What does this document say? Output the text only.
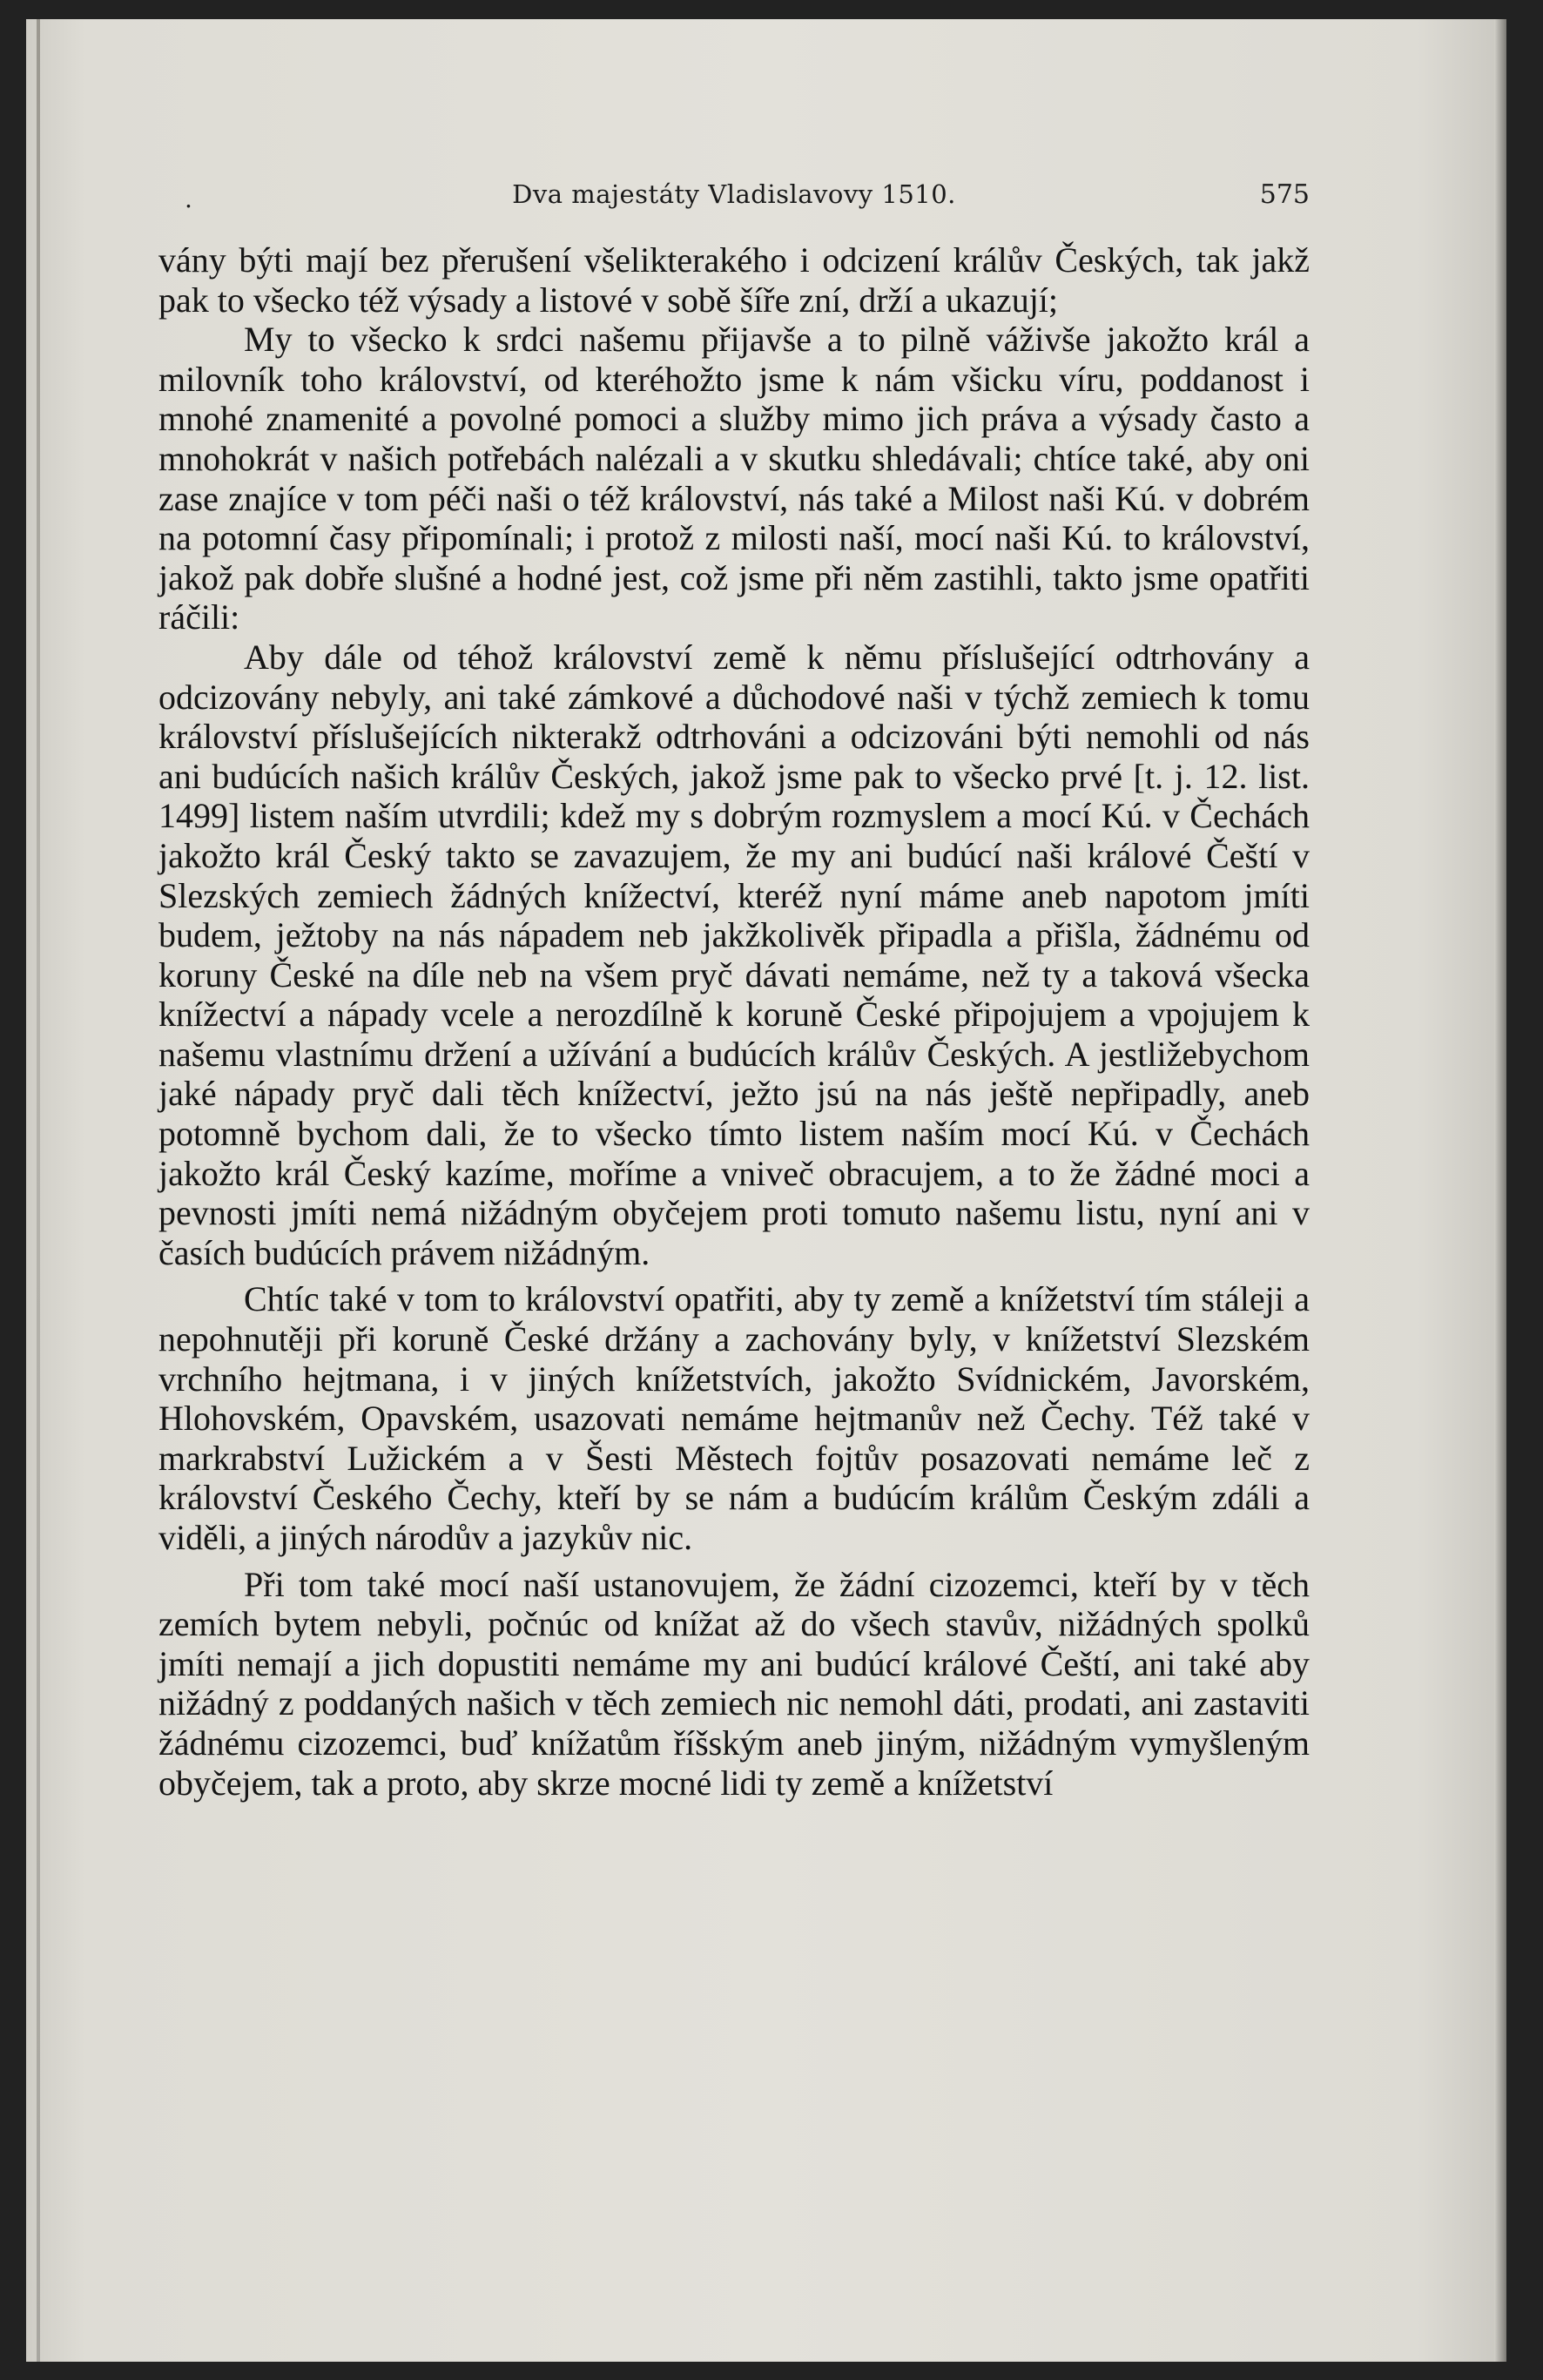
.	Dva majestáty Vladislavovy 1510.	575

vány býti mají bez přerušení všelikterakého i odcizení králův Českých, tak jakž pak to všecko též výsady a listové v sobě šíře zní, drží a ukazují;

My to všecko k srdci našemu přijavše a to pilně váživše jakožto král a milovník toho království, od kteréhožto jsme k nám všicku víru, poddanost i mnohé znamenité a povolné pomoci a služby mimo jich práva a výsady často a mnohokrát v našich potřebách nalézali a v skutku shledávali; chtíce také, aby oni zase znajíce v tom péči naši o též království, nás také a Milost naši Kú. v dobrém na potomní časy připomínali; i protož z milosti naší, mocí naši Kú. to království, jakož pak dobře slušné a hodné jest, což jsme při něm zastihli, takto jsme opatřiti ráčili:

Aby dále od téhož království země k němu příslušející odtrhovány a odcizovány nebyly, ani také zámkové a důchodové naši v týchž zemiech k tomu království příslušejících nikterakž odtrhováni a odcizováni býti nemohli od nás ani budúcích našich králův Českých, jakož jsme pak to všecko prvé [t. j. 12. list. 1499] listem naším utvrdili; kdež my s dobrým rozmyslem a mocí Kú. v Čechách jakožto král Český takto se zavazujem, že my ani budúcí naši králové Čeští v Slezských zemiech žádných knížectví, kteréž nyní máme aneb napotom jmíti budem, ježtoby na nás nápadem neb jakžkolivěk připadla a přišla, žádnému od koruny České na díle neb na všem pryč dávati nemáme, než ty a taková všecka knížectví a nápady vcele a nerozdílně k koruně České připojujem a vpojujem k našemu vlastnímu držení a užívání a budúcích králův Českých. A jestližebychom jaké nápady pryč dali těch knížectví, ježto jsú na nás ještě nepřipadly, aneb potomně bychom dali, že to všecko tímto listem naším mocí Kú. v Čechách jakožto král Český kazíme, mořímе a vniveč obracujem, a to že žádné moci a pevnosti jmíti nemá nižádným obyčejem proti tomuto našemu listu, nyní ani v časích budúcích právem nižádným.

Chtíc také v tom to království opatřiti, aby ty země a knížetství tím stáleji a nepohnutěji při koruně České držány a zachovány byly, v knížetství Slezském vrchního hejtmana, i v jiných knížetstvích, jakožto Svídnickém, Javorském, Hlohovském, Opavském, usazovati nemáme hejtmanův než Čechy. Též také v markrabství Lužickém a v Šesti Městech fojtův posazovati nemáme leč z království Českého Čechy, kteří by se nám a budúcím králům Českým zdáli a viděli, a jiných národův a jazykův nic.

Při tom také mocí naší ustanovujem, že žádní cizozemci, kteří by v těch zemích bytem nebyli, počnúc od knížat až do všech stavův, nižádných spolků jmíti nemají a jich dopustiti nemáme my ani budúcí králové Čeští, ani také aby nižádný z poddaných našich v těch zemiech nic nemohl dáti, prodati, ani zastaviti žádnému cizozemci, buď knížatům říšským aneb jiným, nižádným vymyšleným obyčejem, tak a proto, aby skrze mocné lidi ty země a knížetství
